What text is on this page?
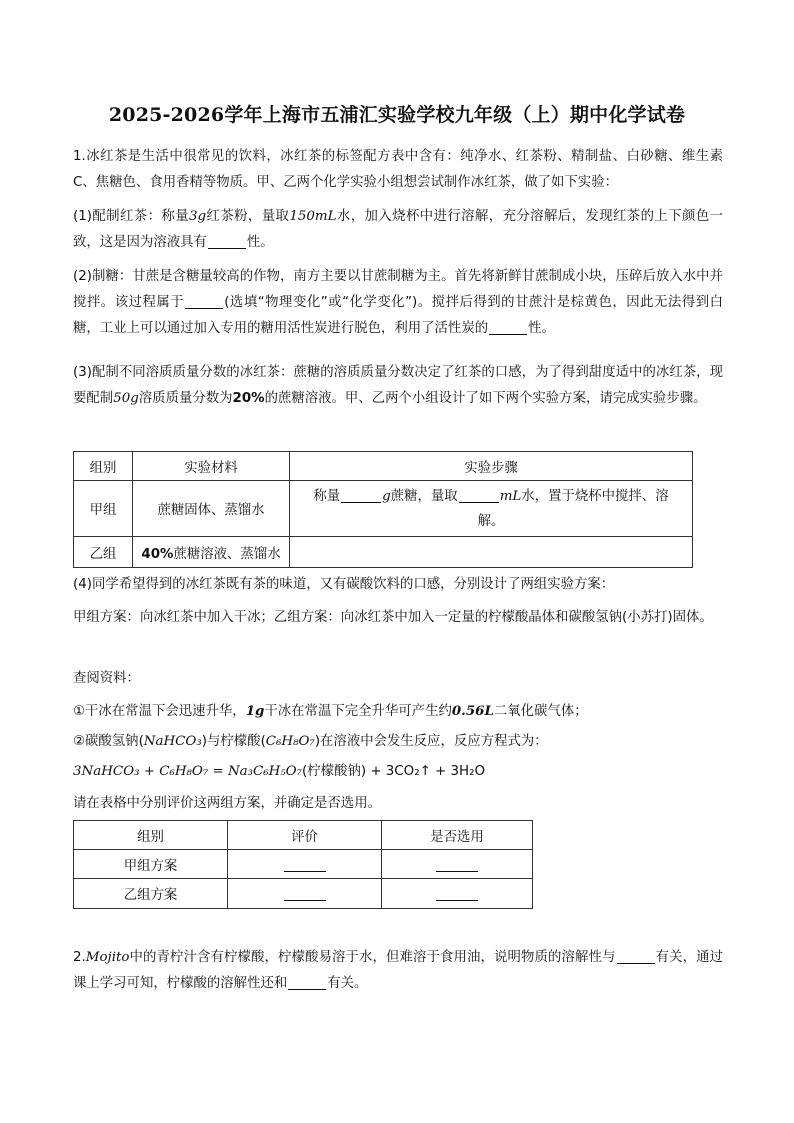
2025-2026学年上海市五浦汇实验学校九年级（上）期中化学试卷

1.冰红茶是生活中很常见的饮料，冰红茶的标签配方表中含有：纯净水、红茶粉、精制盐、白砂糖、维生素C、焦糖色、食用香精等物质。甲、乙两个化学实验小组想尝试制作冰红茶，做了如下实验：

(1)配制红茶：称量3g红茶粉，量取150mL水，加入烧杯中进行溶解，充分溶解后，发现红茶的上下颜色一致，这是因为溶液具有	性。

(2)制糖：甘蔗是含糖量较高的作物，南方主要以甘蔗制糖为主。首先将新鲜甘蔗制成小块，压碎后放入水中并搅拌。该过程属于	(选填“物理变化”或“化学变化”)。搅拌后得到的甘蔗汁是棕黄色，因此无法得到白糖，工业上可以通过加入专用的糖用活性炭进行脱色，利用了活性炭的	性。

(3)配制不同溶质质量分数的冰红茶：蔗糖的溶质质量分数决定了红茶的口感，为了得到甜度适中的冰红茶，现要配制50g溶质质量分数为20%的蔗糖溶液。甲、乙两个小组设计了如下两个实验方案，请完成实验步骤。

组别	实验材料	实验步骤
甲组	蔗糖固体、蒸馏水	称量 g蔗糖，量取 mL水，置于烧杯中搅拌、溶
解。

乙组	40%蔗糖溶液、蒸馏水	
(4)同学希望得到的冰红茶既有茶的味道，又有碳酸饮料的口感，分别设计了两组实验方案：

甲组方案：向冰红茶中加入干冰；乙组方案：向冰红茶中加入一定量的柠檬酸晶体和碳酸氢钠(小苏打)固体。

查阅资料：
①干冰在常温下会迅速升华，1g干冰在常温下完全升华可产生约0.56L二氧化碳气体；
②碳酸氢钠(NaHCO₃)与柠檬酸(C₆H₈O₇)在溶液中会发生反应，反应方程式为：
3NaHCO₃ + C₆H₈O₇ = Na₃C₆H₅O₇(柠檬酸钠) + 3CO₂↑ + 3H₂O
请在表格中分别评价这两组方案，并确定是否选用。
组别	评价	是否选用
甲组方案		
乙组方案		

2.Mojito中的青柠汁含有柠檬酸，柠檬酸易溶于水，但难溶于食用油，说明物质的溶解性与	有关，通过课上学习可知，柠檬酸的溶解性还和	有关。
